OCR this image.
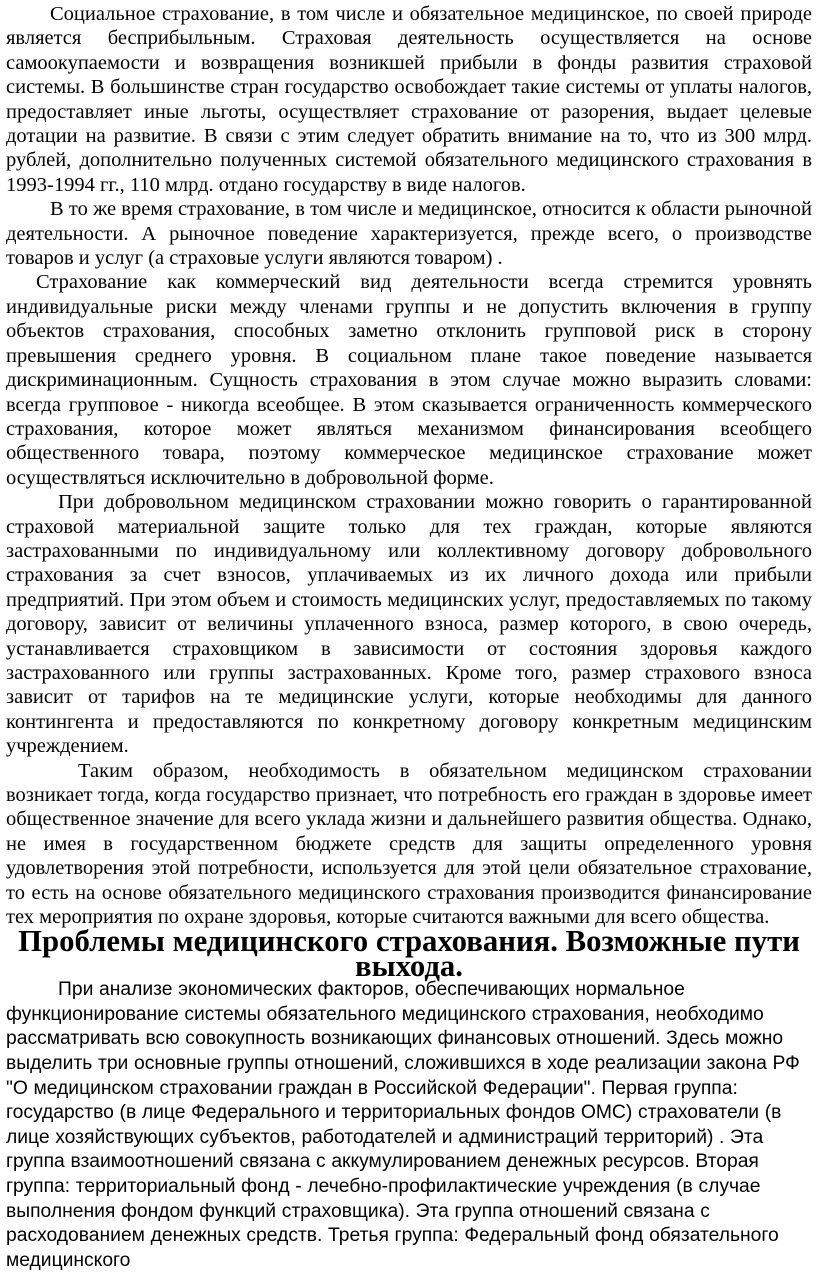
Социальное страхование, в том числе и обязательное медицинское, по своей природе является бесприбыльным. Страховая деятельность осуществляется на основе самоокупаемости и возвращения возникшей прибыли в фонды развития страховой системы. В большинстве стран государство освобождает такие системы от уплаты налогов, предоставляет иные льготы, осуществляет страхование от разорения, выдает целевые дотации на развитие. В связи с этим следует обратить внимание на то, что из 300 млрд. рублей, дополнительно полученных системой обязательного медицинского страхования в 1993-1994 гг., 110 млрд. отдано государству в виде налогов.

В то же время страхование, в том числе и медицинское, относится к области рыночной деятельности. А рыночное поведение характеризуется, прежде всего, о производстве товаров и услуг (а страховые услуги являются товаром) .

Страхование как коммерческий вид деятельности всегда стремится уровнять индивидуальные риски между членами группы и не допустить включения в группу объектов страхования, способных заметно отклонить групповой риск в сторону превышения среднего уровня. В социальном плане такое поведение называется дискриминационным. Сущность страхования в этом случае можно выразить словами: всегда групповое - никогда всеобщее. В этом сказывается ограниченность коммерческого страхования, которое может являться механизмом финансирования всеобщего общественного товара, поэтому коммерческое медицинское страхование может осуществляться исключительно в добровольной форме.

При добровольном медицинском страховании можно говорить о гарантированной страховой материальной защите только для тех граждан, которые являются застрахованными по индивидуальному или коллективному договору добровольного страхования за счет взносов, уплачиваемых из их личного дохода или прибыли предприятий. При этом объем и стоимость медицинских услуг, предоставляемых по такому договору, зависит от величины уплаченного взноса, размер которого, в свою очередь, устанавливается страховщиком в зависимости от состояния здоровья каждого застрахованного или группы застрахованных. Кроме того, размер страхового взноса зависит от тарифов на те медицинские услуги, которые необходимы для данного контингента и предоставляются по конкретному договору конкретным медицинским учреждением.

Таким образом, необходимость в обязательном медицинском страховании возникает тогда, когда государство признает, что потребность его граждан в здоровье имеет общественное значение для всего уклада жизни и дальнейшего развития общества. Однако, не имея в государственном бюджете средств для защиты определенного уровня удовлетворения этой потребности, используется для этой цели обязательное страхование, то есть на основе обязательного медицинского страхования производится финансирование тех мероприятия по охране здоровья, которые считаются важными для всего общества.

Проблемы медицинского страхования. Возможные пути выхода.

При анализе экономических факторов, обеспечивающих нормальное функционирование системы обязательного медицинского страхования, необходимо рассматривать всю совокупность возникающих финансовых отношений. Здесь можно выделить три основные группы отношений, сложившихся в ходе реализации закона РФ "О медицинском страховании граждан в Российской Федерации". Первая группа: государство (в лице Федерального и территориальных фондов ОМС) страхователи (в лице хозяйствующих субъектов, работодателей и администраций территорий) . Эта группа взаимоотношений связана с аккумулированием денежных ресурсов. Вторая группа: территориальный фонд - лечебно-профилактические учреждения (в случае выполнения фондом функций страховщика). Эта группа отношений связана с расходованием денежных средств. Третья группа: Федеральный фонд обязательного медицинского
